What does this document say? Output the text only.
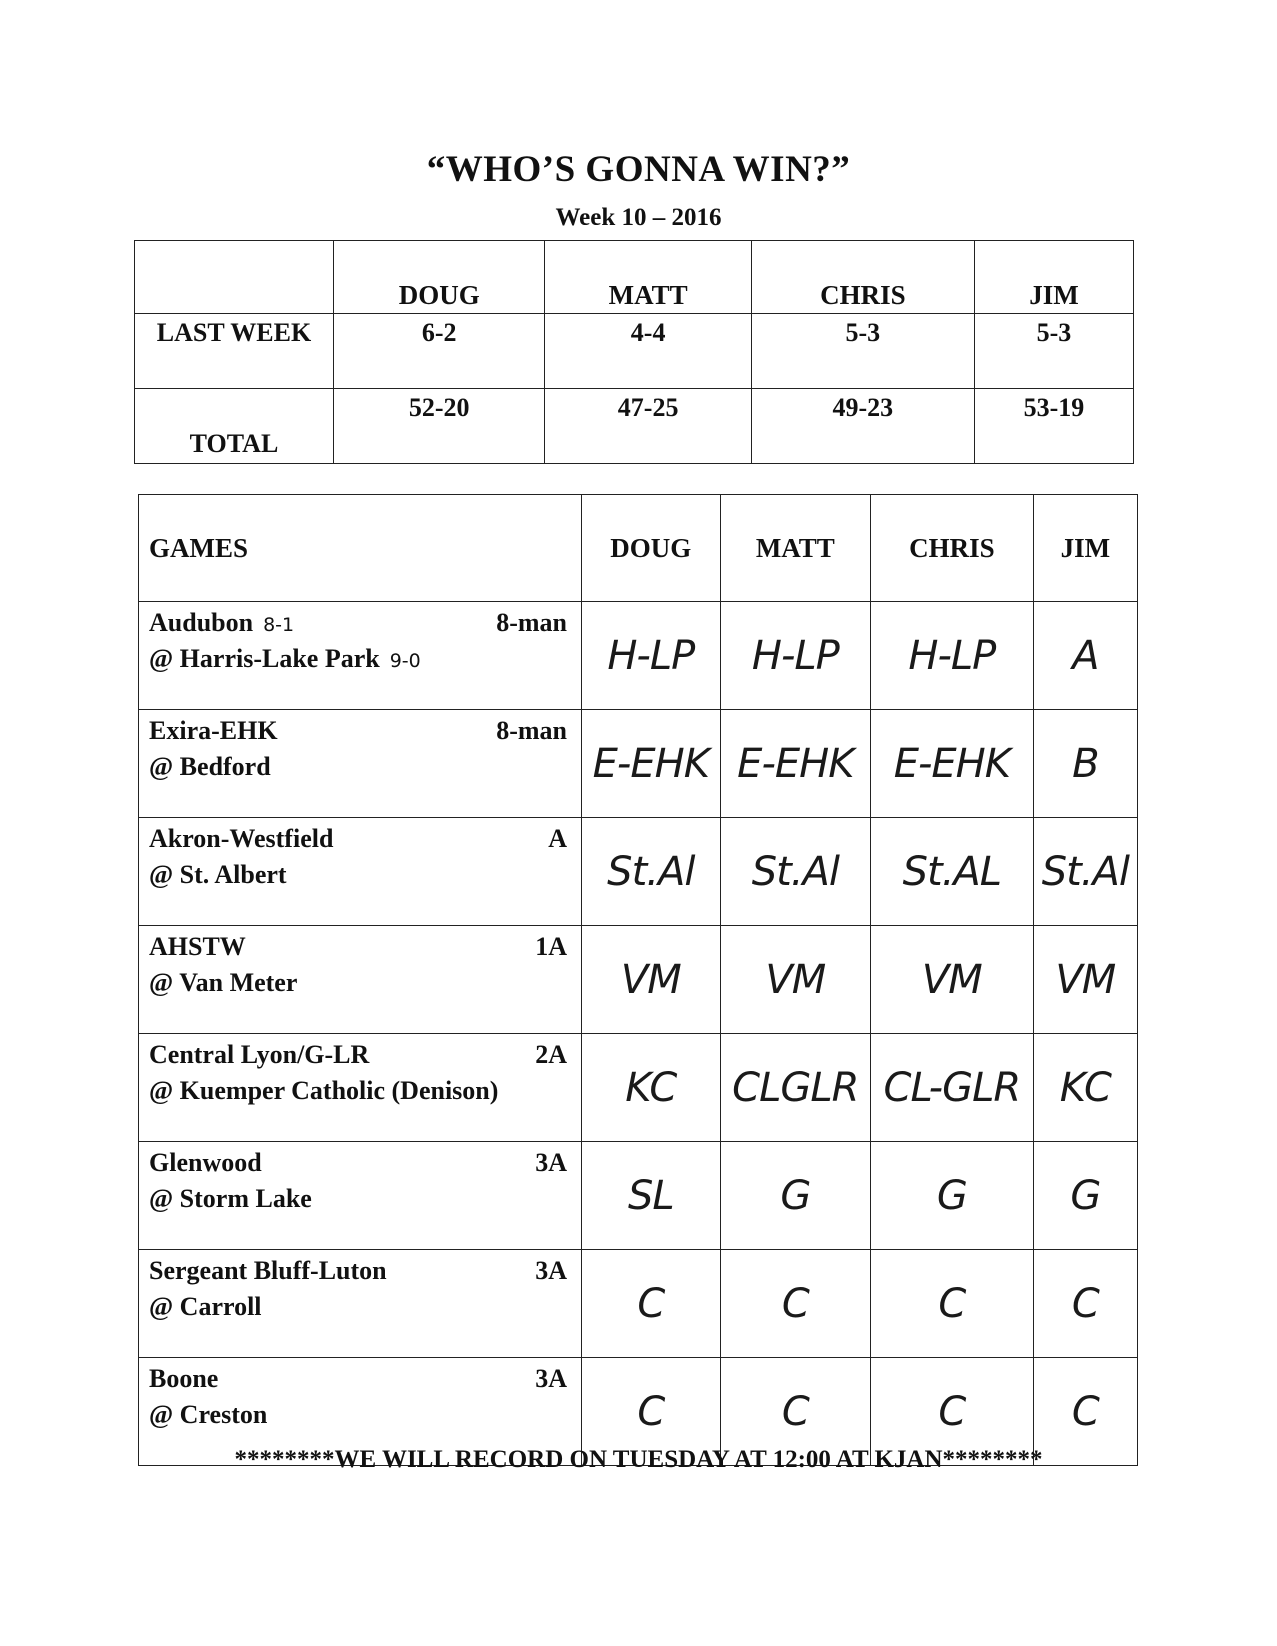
“WHO’S GONNA WIN?”
Week 10 – 2016
	DOUG	MATT	CHRIS	JIM
LAST WEEK	6-2	4-4	5-3	5-3
TOTAL	52-20	47-25	49-23	53-19
GAMES	DOUG	MATT	CHRIS	JIM
Audubon 8-1 8-man

@ Harris-Lake Park 9-0	H-LP	H-LP	H-LP	A
Exira-EHK 8-man

@ Bedford	E-EHK	E-EHK	E-EHK	B
Akron-Westfield A

@ St. Albert	St.Al	St.Al	St.AL	St.Al
AHSTW 1A

@ Van Meter	VM	VM	VM	VM
Central Lyon/G-LR 2A

@ Kuemper Catholic (Denison)	KC	CLGLR	CL-GLR	KC
Glenwood 3A

@ Storm Lake	SL	G	G	G
Sergeant Bluff-Luton 3A

@ Carroll	C	C	C	C
Boone 3A

@ Creston	C	C	C	C
********WE WILL RECORD ON TUESDAY AT 12:00 AT KJAN********
